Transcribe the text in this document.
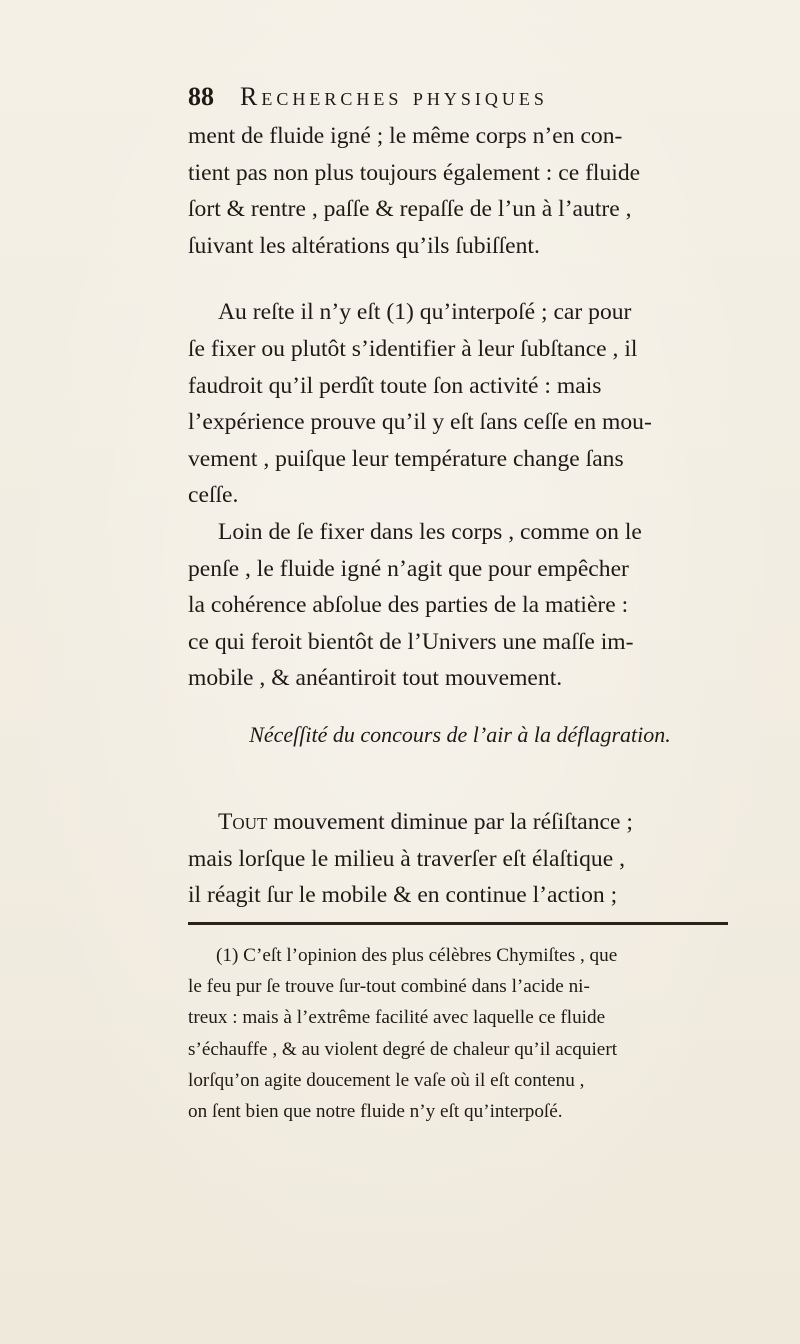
88 Recherches physiques

ment de fluide igné ; le même corps n’en con-

tient pas non plus toujours également : ce fluide

ſort & rentre , paſſe & repaſſe de l’un à l’autre ,

ſuivant les altérations qu’ils ſubiſſent.

Au reſte il n’y eſt (1) qu’interpoſé ; car pour

ſe fixer ou plutôt s’identifier à leur ſubſtance , il

faudroit qu’il perdît toute ſon activité : mais

l’expérience prouve qu’il y eſt ſans ceſſe en mou-

vement , puiſque leur température change ſans

ceſſe.

Loin de ſe fixer dans les corps , comme on le

penſe , le fluide igné n’agit que pour empêcher

la cohérence abſolue des parties de la matière :

ce qui feroit bientôt de l’Univers une maſſe im-

mobile , & anéantiroit tout mouvement.

Néceſſité du concours de l’air à la déflagration.

Tout mouvement diminue par la réſiſtance ;

mais lorſque le milieu à traverſer eſt élaſtique ,

il réagit ſur le mobile & en continue l’action ;

(1) C’eſt l’opinion des plus célèbres Chymiſtes , que

le feu pur ſe trouve ſur-tout combiné dans l’acide ni-

treux : mais à l’extrême facilité avec laquelle ce fluide

s’échauffe , & au violent degré de chaleur qu’il acquiert

lorſqu’on agite doucement le vaſe où il eſt contenu ,

on ſent bien que notre fluide n’y eſt qu’interpoſé.
